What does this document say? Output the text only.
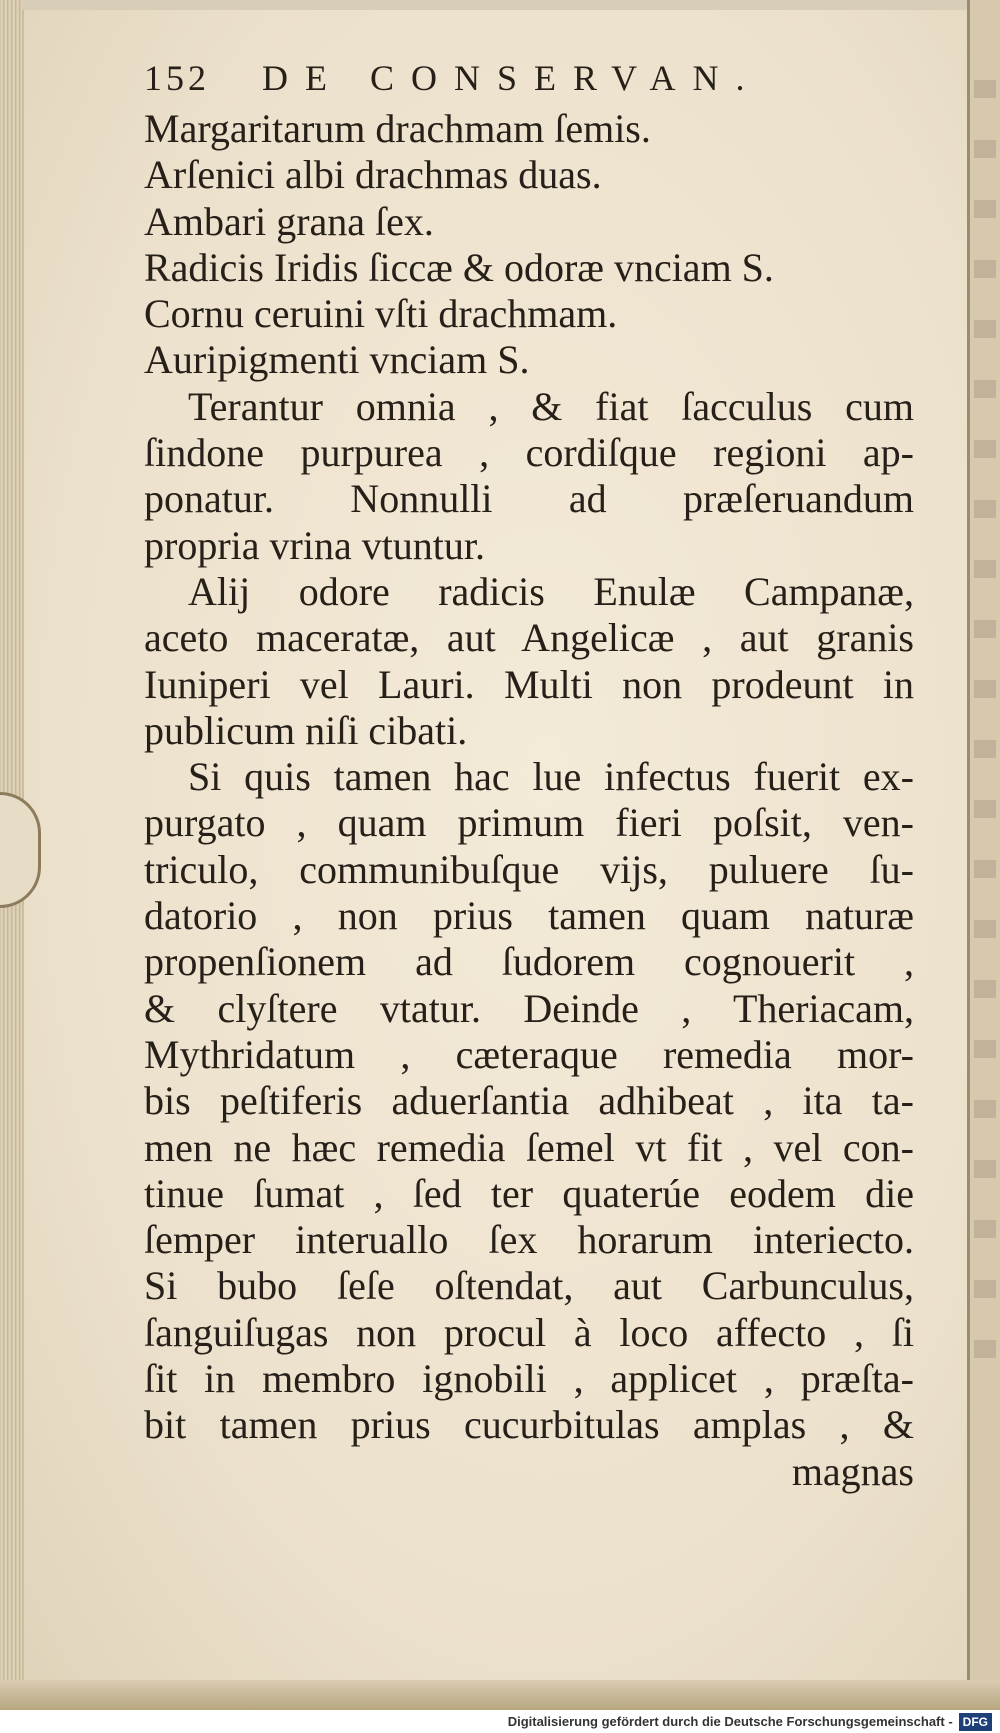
152 DE CONSERVAN.
Margaritarum drachmam ſemis.
Arſenici albi drachmas duas.
Ambari grana ſex.
Radicis Iridis ſiccæ & odoræ vnciam S.
Cornu ceruini vſti drachmam.
Auripigmenti vnciam S.
Terantur omnia , & fiat ſacculus cum
ſindone purpurea , cordiſque regioni ap-
ponatur. Nonnulli ad præſeruandum
propria vrina vtuntur.
Alij odore radicis Enulæ Campanæ,
aceto maceratæ, aut Angelicæ , aut granis
Iuniperi vel Lauri. Multi non prodeunt in
publicum niſi cibati.
Si quis tamen hac lue infectus fuerit ex-
purgato , quam primum fieri poſsit, ven-
triculo, communibuſque vijs, puluere ſu-
datorio , non prius tamen quam naturæ
propenſionem ad ſudorem cognouerit ,
& clyſtere vtatur. Deinde , Theriacam,
Mythridatum , cæteraque remedia mor-
bis peſtiferis aduerſantia adhibeat , ita ta-
men ne hæc remedia ſemel vt fit , vel con-
tinue ſumat , ſed ter quaterúe eodem die
ſemper interuallo ſex horarum interiecto.
Si bubo ſeſe oſtendat, aut Carbunculus,
ſanguiſugas non procul à loco affecto , ſi
ſit in membro ignobili , applicet , præſta-
bit tamen prius cucurbitulas amplas , &
magnas
Digitalisierung gefördert durch die Deutsche Forschungsgemeinschaft - DFG
